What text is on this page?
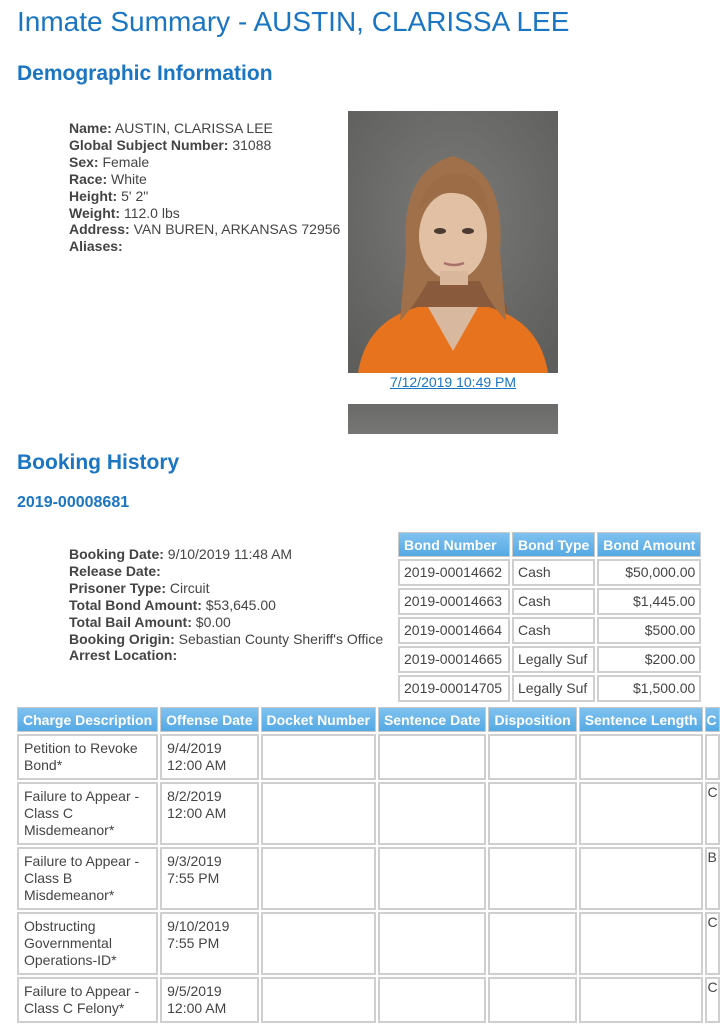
Inmate Summary - AUSTIN, CLARISSA LEE
Demographic Information
Name: AUSTIN, CLARISSA LEE
Global Subject Number: 31088
Sex: Female
Race: White
Height: 5' 2"
Weight: 112.0 lbs
Address: VAN BUREN, ARKANSAS 72956
Aliases:
7/12/2019 10:49 PM
Booking History
2019-00008681
Booking Date: 9/10/2019 11:48 AM
Release Date:
Prisoner Type: Circuit
Total Bond Amount: $53,645.00
Total Bail Amount: $0.00
Booking Origin: Sebastian County Sheriff's Office
Arrest Location:
Bond Number	Bond Type	Bond Amount
2019-00014662	Cash	$50,000.00
2019-00014663	Cash	$1,445.00
2019-00014664	Cash	$500.00
2019-00014665	Legally Suf	$200.00
2019-00014705	Legally Suf	$1,500.00
Charge Description	Offense Date	Docket Number	Sentence Date	Disposition	Sentence Length	C
Petition to Revoke Bond*	9/4/2019 12:00 AM					
Failure to Appear - Class C Misdemeanor*	8/2/2019 12:00 AM					C
Failure to Appear - Class B Misdemeanor*	9/3/2019 7:55 PM					B
Obstructing Governmental Operations-ID*	9/10/2019 7:55 PM					C
Failure to Appear - Class C Felony*	9/5/2019 12:00 AM					C
